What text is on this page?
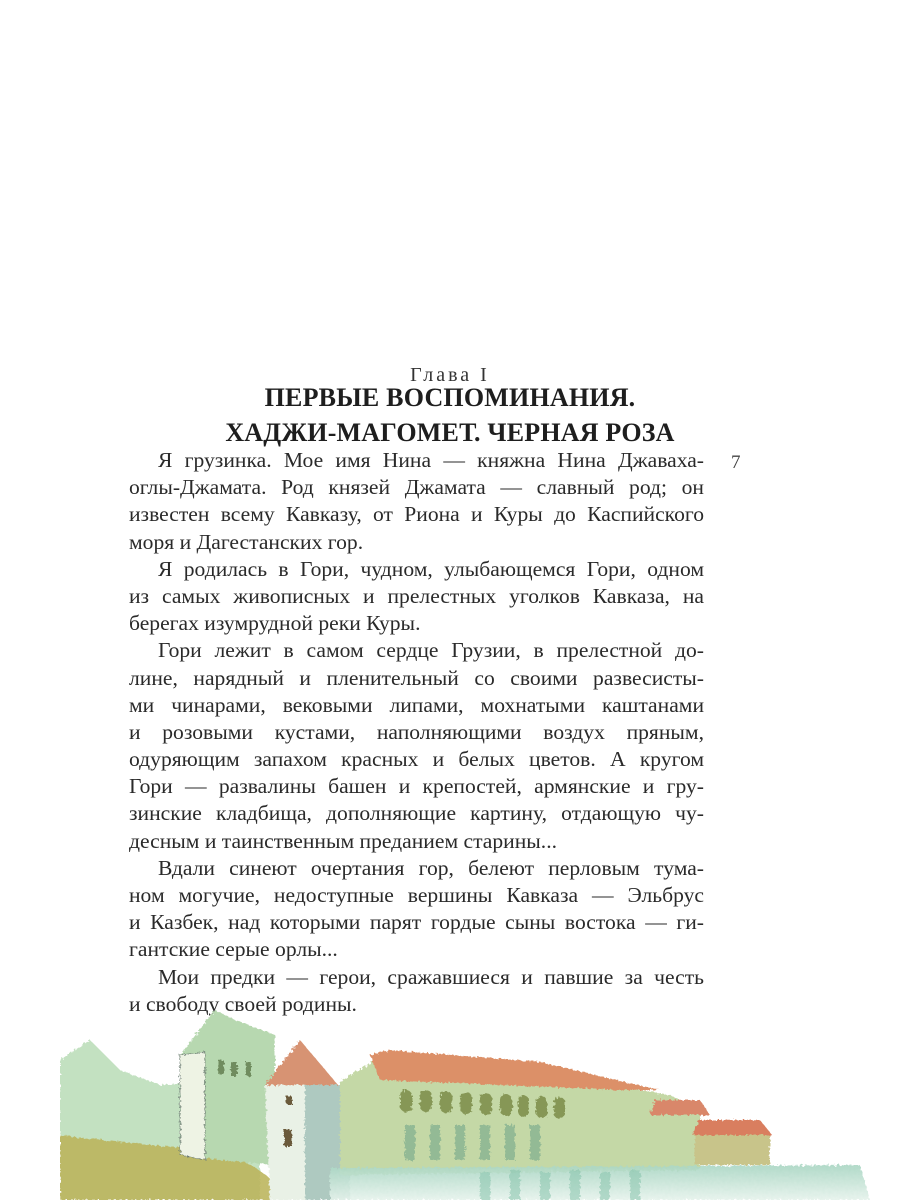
Глава I
ПЕРВЫЕ ВОСПОМИНАНИЯ.
ХАДЖИ-МАГОМЕТ. ЧЕРНАЯ РОЗА
7
Я грузинка. Мое имя Нина — княжна Нина Джаваха-
оглы-Джамата. Род князей Джамата — славный род; он
известен всему Кавказу, от Риона и Куры до Каспийского
моря и Дагестанских гор.
Я родилась в Гори, чудном, улыбающемся Гори, одном
из самых живописных и прелестных уголков Кавказа, на
берегах изумрудной реки Куры.
Гори лежит в самом сердце Грузии, в прелестной до-
лине, нарядный и пленительный со своими развесисты-
ми чинарами, вековыми липами, мохнатыми каштанами
и розовыми кустами, наполняющими воздух пряным,
одуряющим запахом красных и белых цветов. А кругом
Гори — развалины башен и крепостей, армянские и гру-
зинские кладбища, дополняющие картину, отдающую чу-
десным и таинственным преданием старины...
Вдали синеют очертания гор, белеют перловым тума-
ном могучие, недоступные вершины Кавказа — Эльбрус
и Казбек, над которыми парят гордые сыны востока — ги-
гантские серые орлы...
Мои предки — герои, сражавшиеся и павшие за честь
и свободу своей родины.
